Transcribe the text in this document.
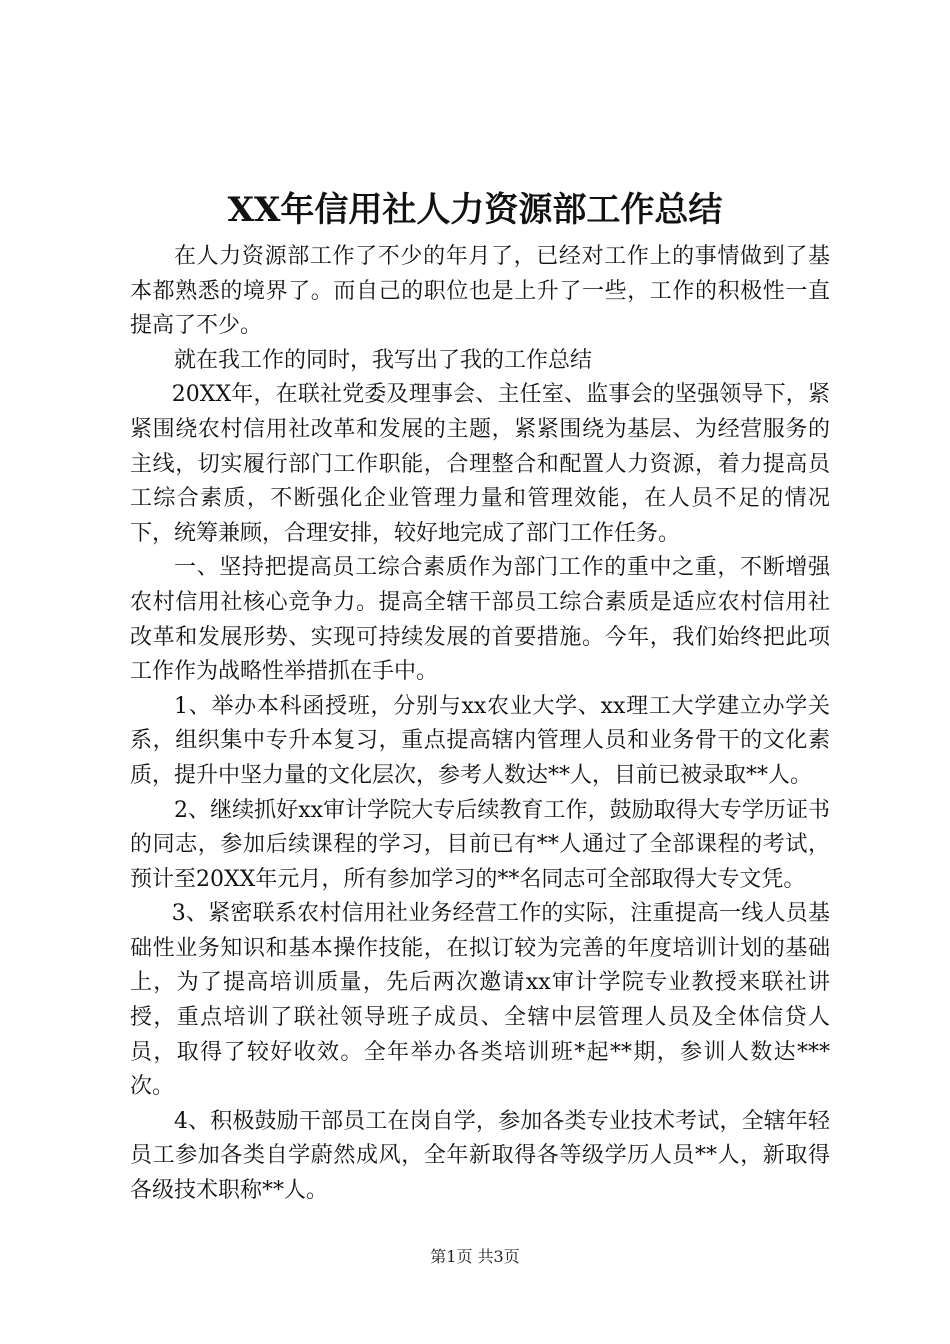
XX年信用社人力资源部工作总结

在人力资源部工作了不少的年月了，已经对工作上的事情做到了基本都熟悉的境界了。而自己的职位也是上升了一些，工作的积极性一直提高了不少。

就在我工作的同时，我写出了我的工作总结

20XX年，在联社党委及理事会、主任室、监事会的坚强领导下，紧紧围绕农村信用社改革和发展的主题，紧紧围绕为基层、为经营服务的主线，切实履行部门工作职能，合理整合和配置人力资源，着力提高员工综合素质，不断强化企业管理力量和管理效能，在人员不足的情况下，统筹兼顾，合理安排，较好地完成了部门工作任务。

一、坚持把提高员工综合素质作为部门工作的重中之重，不断增强农村信用社核心竞争力。提高全辖干部员工综合素质是适应农村信用社改革和发展形势、实现可持续发展的首要措施。今年，我们始终把此项工作作为战略性举措抓在手中。

1、举办本科函授班，分别与xx农业大学、xx理工大学建立办学关系，组织集中专升本复习，重点提高辖内管理人员和业务骨干的文化素质，提升中坚力量的文化层次，参考人数达**人，目前已被录取**人。

2、继续抓好xx审计学院大专后续教育工作，鼓励取得大专学历证书的同志，参加后续课程的学习，目前已有**人通过了全部课程的考试，预计至20XX年元月，所有参加学习的**名同志可全部取得大专文凭。

3、紧密联系农村信用社业务经营工作的实际，注重提高一线人员基础性业务知识和基本操作技能，在拟订较为完善的年度培训计划的基础上，为了提高培训质量，先后两次邀请xx审计学院专业教授来联社讲授，重点培训了联社领导班子成员、全辖中层管理人员及全体信贷人员，取得了较好收效。全年举办各类培训班*起**期，参训人数达***次。

4、积极鼓励干部员工在岗自学，参加各类专业技术考试，全辖年轻员工参加各类自学蔚然成风，全年新取得各等级学历人员**人，新取得各级技术职称**人。

第1页 共3页
